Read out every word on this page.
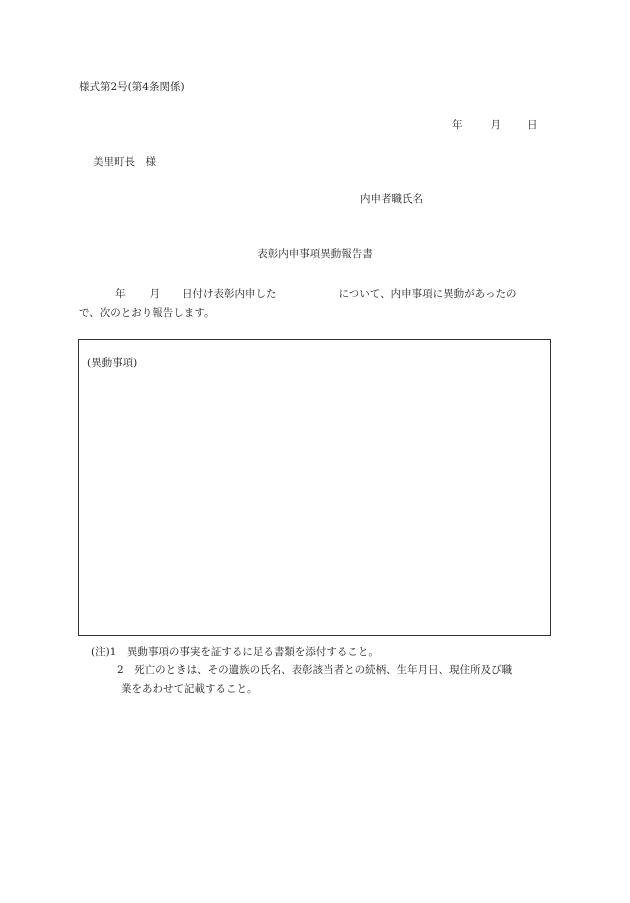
様式第2号(第4条関係)
年	月 日
美里町長　様
内申者職氏名
表彰内申事項異動報告書
年 月 日付け表彰内申した	について、内申事項に異動があったの
で、次のとおり報告します。
(異動事項)
(注)1　異動事項の事実を証するに足る書類を添付すること。
2　死亡のときは、その遺族の氏名、表彰該当者との続柄、生年月日、現住所及び職
業をあわせて記載すること。
